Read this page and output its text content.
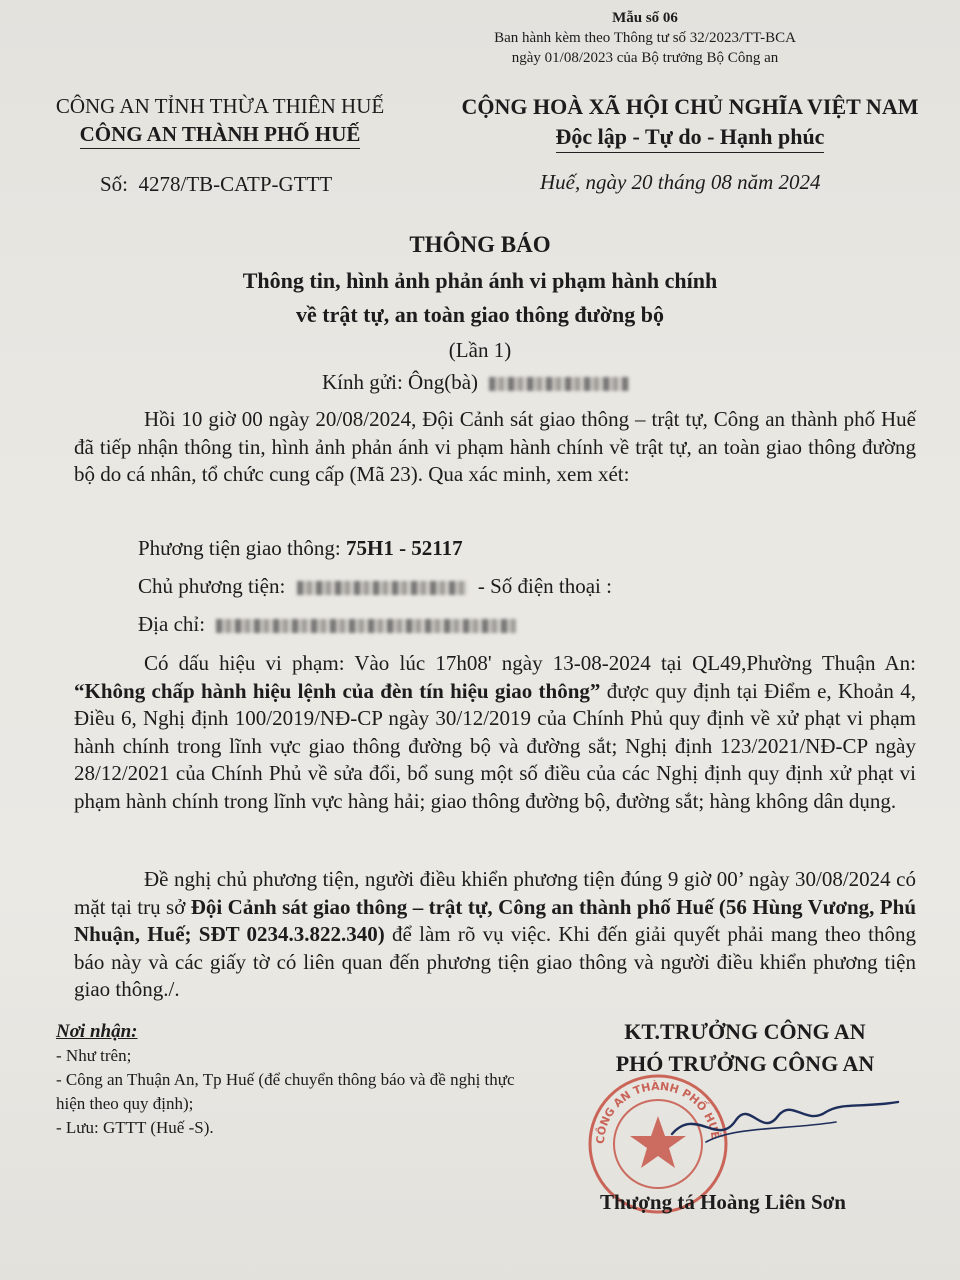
Mẫu số 06
Ban hành kèm theo Thông tư số 32/2023/TT-BCA
ngày 01/08/2023 của Bộ trưởng Bộ Công an
CÔNG AN TỈNH THỪA THIÊN HUẾ
CÔNG AN THÀNH PHỐ HUẾ
CỘNG HOÀ XÃ HỘI CHỦ NGHĨA VIỆT NAM
Độc lập - Tự do - Hạnh phúc
Số: 4278/TB-CATP-GTTT	Huế, ngày 20 tháng 08 năm 2024
THÔNG BÁO
Thông tin, hình ảnh phản ánh vi phạm hành chính
về trật tự, an toàn giao thông đường bộ
(Lần 1)
Kính gửi: Ông(bà)
Hồi 10 giờ 00 ngày 20/08/2024, Đội Cảnh sát giao thông – trật tự, Công an thành phố Huế đã tiếp nhận thông tin, hình ảnh phản ánh vi phạm hành chính về trật tự, an toàn giao thông đường bộ do cá nhân, tổ chức cung cấp (Mã 23). Qua xác minh, xem xét:
Phương tiện giao thông: 75H1 - 52117
Chủ phương tiện:	- Số điện thoại :
Địa chỉ:
Có dấu hiệu vi phạm: Vào lúc 17h08' ngày 13-08-2024 tại QL49,Phường Thuận An: “Không chấp hành hiệu lệnh của đèn tín hiệu giao thông” được quy định tại Điểm e, Khoản 4, Điều 6, Nghị định 100/2019/NĐ-CP ngày 30/12/2019 của Chính Phủ quy định về xử phạt vi phạm hành chính trong lĩnh vực giao thông đường bộ và đường sắt; Nghị định 123/2021/NĐ-CP ngày 28/12/2021 của Chính Phủ về sửa đổi, bổ sung một số điều của các Nghị định quy định xử phạt vi phạm hành chính trong lĩnh vực hàng hải; giao thông đường bộ, đường sắt; hàng không dân dụng.
Đề nghị chủ phương tiện, người điều khiển phương tiện đúng 9 giờ 00’ ngày 30/08/2024 có mặt tại trụ sở Đội Cảnh sát giao thông – trật tự, Công an thành phố Huế (56 Hùng Vương, Phú Nhuận, Huế; SĐT 0234.3.822.340) để làm rõ vụ việc. Khi đến giải quyết phải mang theo thông báo này và các giấy tờ có liên quan đến phương tiện giao thông và người điều khiển phương tiện giao thông./.
Nơi nhận:
- Như trên;
- Công an Thuận An, Tp Huế (để chuyển thông báo và đề nghị thực hiện theo quy định);
- Lưu: GTTT (Huế -S).
KT.TRƯỞNG CÔNG AN
PHÓ TRƯỞNG CÔNG AN
CÔNG AN THÀNH PHỐ HUẾ
Thượng tá Hoàng Liên Sơn
